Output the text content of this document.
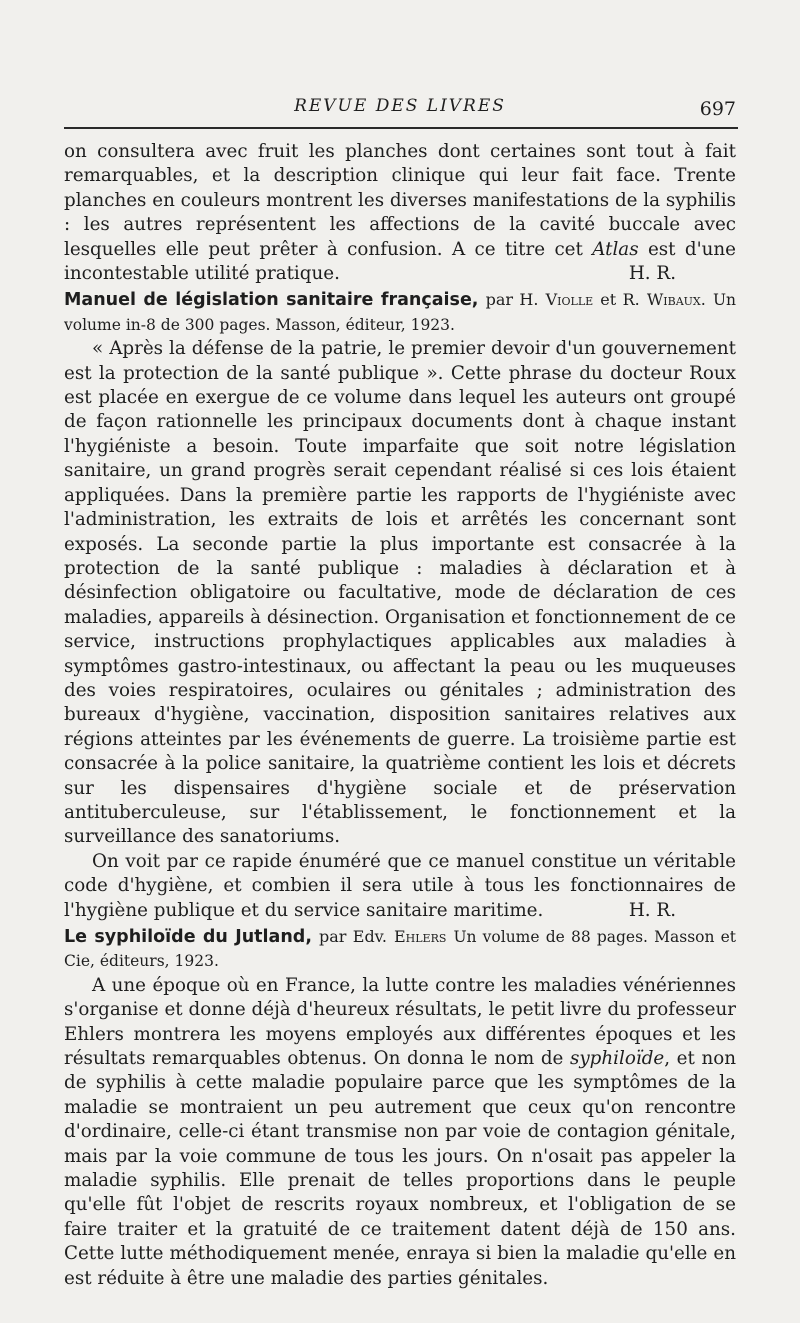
REVUE DES LIVRES	697

on consultera avec fruit les planches dont certaines sont tout à fait remarquables, et la description clinique qui leur fait face. Trente planches en couleurs montrent les diverses manifestations de la syphilis : les autres représentent les affections de la cavité buccale avec lesquelles elle peut prêter à confusion. A ce titre cet Atlas est d'une incontestable utilité pratique.	H. R.

Manuel de législation sanitaire française, par H. Violle et R. Wibaux. Un volume in-8 de 300 pages. Masson, éditeur, 1923.

« Après la défense de la patrie, le premier devoir d'un gouvernement est la protection de la santé publique ». Cette phrase du docteur Roux est placée en exergue de ce volume dans lequel les auteurs ont groupé de façon rationnelle les principaux documents dont à chaque instant l'hygiéniste a besoin. Toute imparfaite que soit notre législation sanitaire, un grand progrès serait cependant réalisé si ces lois étaient appliquées. Dans la première partie les rapports de l'hygiéniste avec l'administration, les extraits de lois et arrêtés les concernant sont exposés. La seconde partie la plus importante est consacrée à la protection de la santé publique : maladies à déclaration et à désinfection obligatoire ou facultative, mode de déclaration de ces maladies, appareils à désinection. Organisation et fonctionnement de ce service, instructions prophylactiques applicables aux maladies à symptômes gastro-intestinaux, ou affectant la peau ou les muqueuses des voies respiratoires, oculaires ou génitales ; administration des bureaux d'hygiène, vaccination, disposition sanitaires relatives aux régions atteintes par les événements de guerre. La troisième partie est consacrée à la police sanitaire, la quatrième contient les lois et décrets sur les dispensaires d'hygiène sociale et de préservation antituberculeuse, sur l'établissement, le fonctionnement et la surveillance des sanatoriums.

On voit par ce rapide énuméré que ce manuel constitue un véritable code d'hygiène, et combien il sera utile à tous les fonctionnaires de l'hygiène publique et du service sanitaire maritime.	H. R.

Le syphiloïde du Jutland, par Edv. Ehlers Un volume de 88 pages. Masson et Cie, éditeurs, 1923.

A une époque où en France, la lutte contre les maladies vénériennes s'organise et donne déjà d'heureux résultats, le petit livre du professeur Ehlers montrera les moyens employés aux différentes époques et les résultats remarquables obtenus. On donna le nom de syphiloïde, et non de syphilis à cette maladie populaire parce que les symptômes de la maladie se montraient un peu autrement que ceux qu'on rencontre d'ordinaire, celle-ci étant transmise non par voie de contagion génitale, mais par la voie commune de tous les jours. On n'osait pas appeler la maladie syphilis. Elle prenait de telles proportions dans le peuple qu'elle fût l'objet de rescrits royaux nombreux, et l'obligation de se faire traiter et la gratuité de ce traitement datent déjà de 150 ans. Cette lutte méthodiquement menée, enraya si bien la maladie qu'elle en est réduite à être une maladie des parties génitales.
